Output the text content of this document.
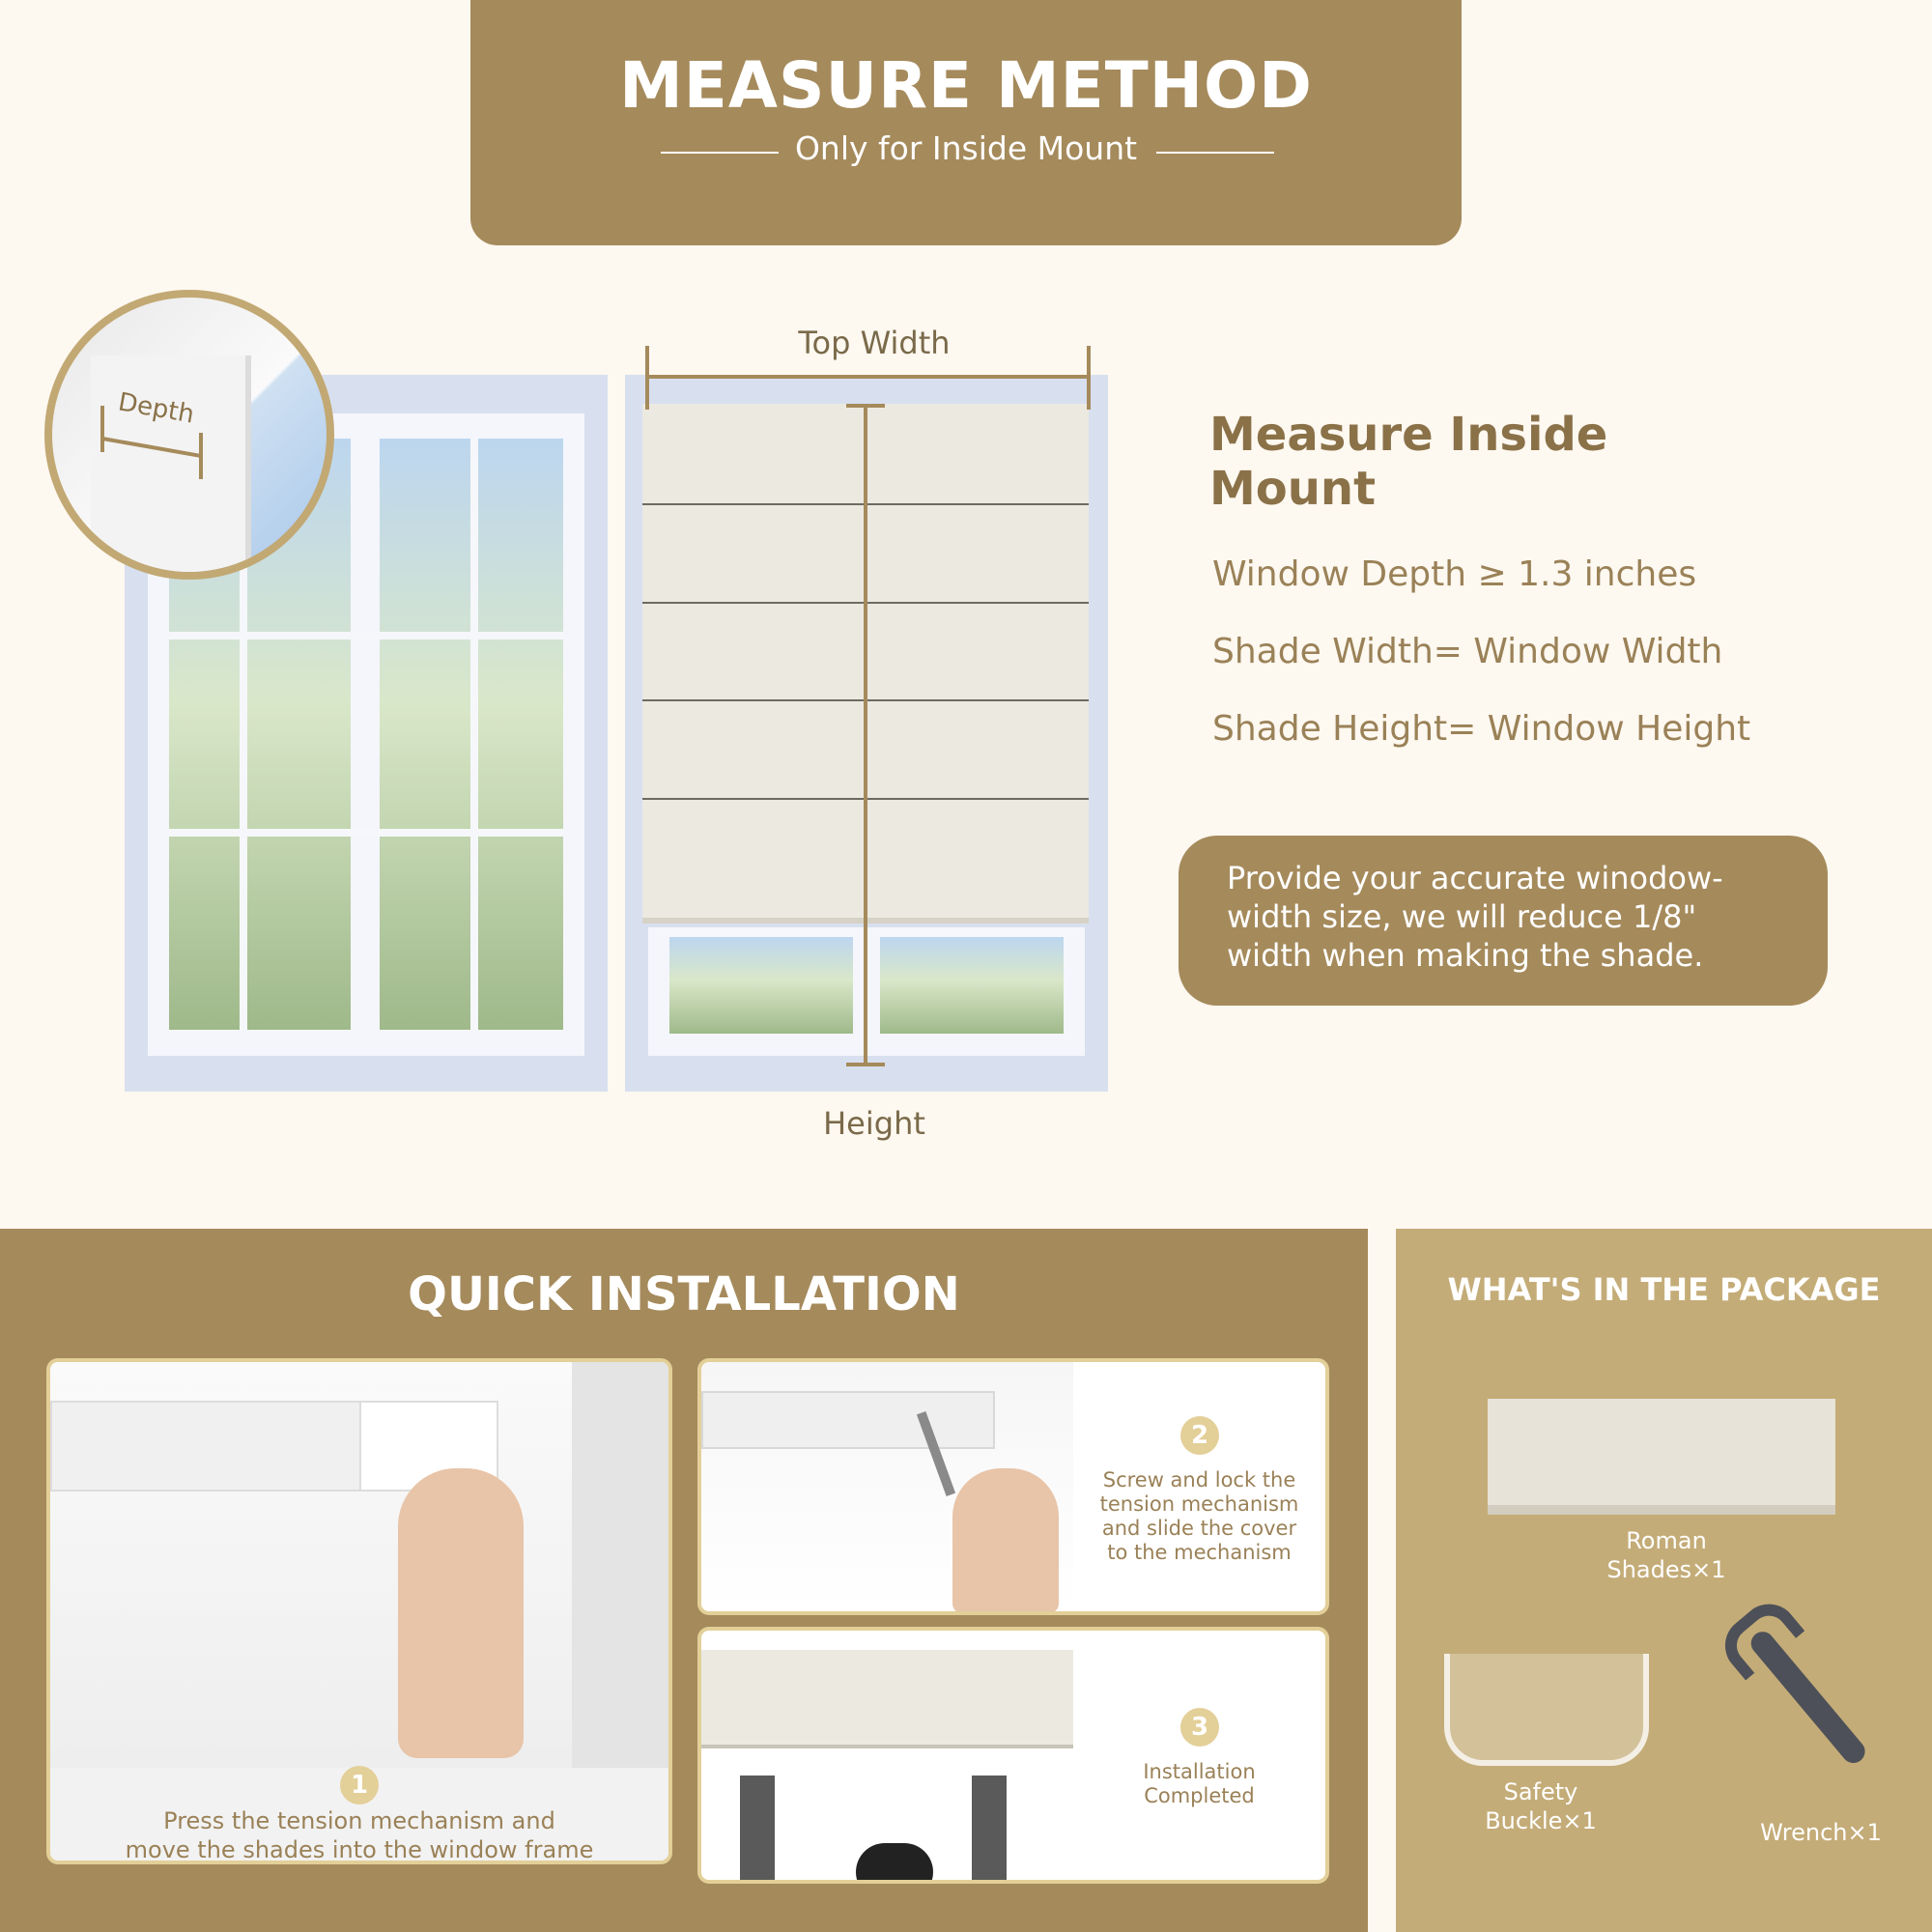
MEASURE METHOD
Only for Inside Mount
Depth
Top Width
Height
Measure Inside
Mount
Window Depth ≥ 1.3 inches
Shade Width= Window Width
Shade Height= Window Height
Provide your accurate winodow-
width size, we will reduce 1/8"
width when making the shade.
QUICK INSTALLATION
1
Press the tension mechanism and
move the shades into the window frame
2
Screw and lock the
tension mechanism
and slide the cover
to the mechanism
3
Installation
Completed
WHAT'S IN THE PACKAGE
Roman
Shades×1
Safety
Buckle×1	Wrench×1
